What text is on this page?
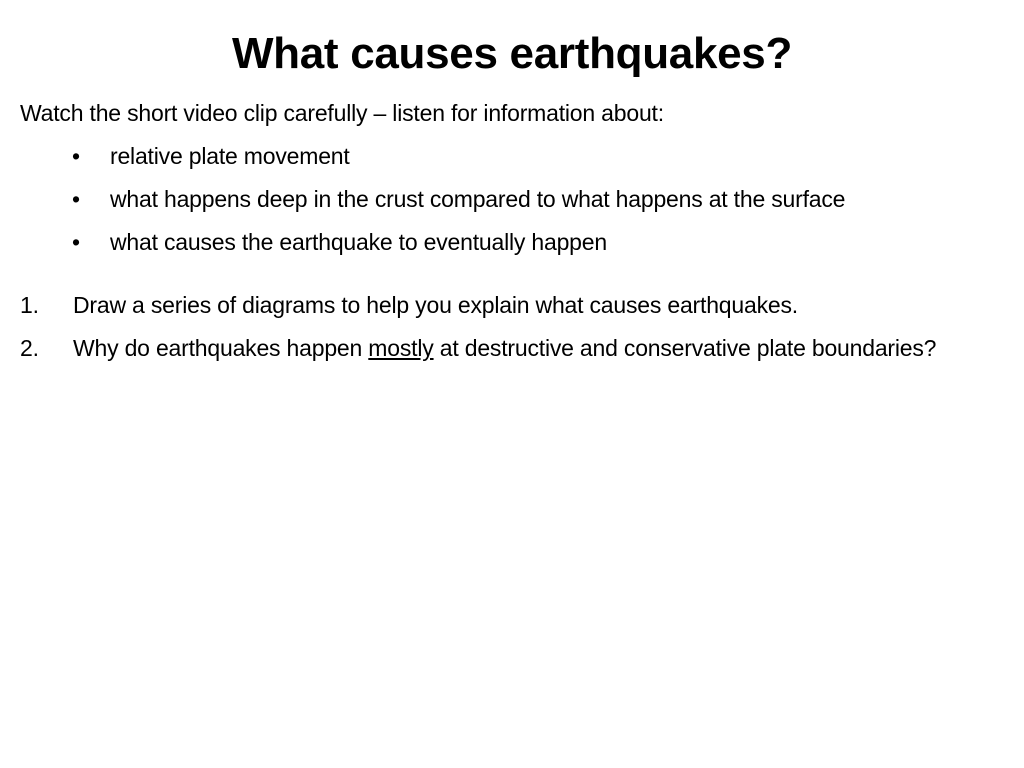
What causes earthquakes?
Watch the short video clip carefully – listen for information about:
• relative plate movement
• what happens deep in the crust compared to what happens at the surface
• what causes the earthquake to eventually happen
1. Draw a series of diagrams to help you explain what causes earthquakes.
2. Why do earthquakes happen mostly at destructive and conservative plate boundaries?
